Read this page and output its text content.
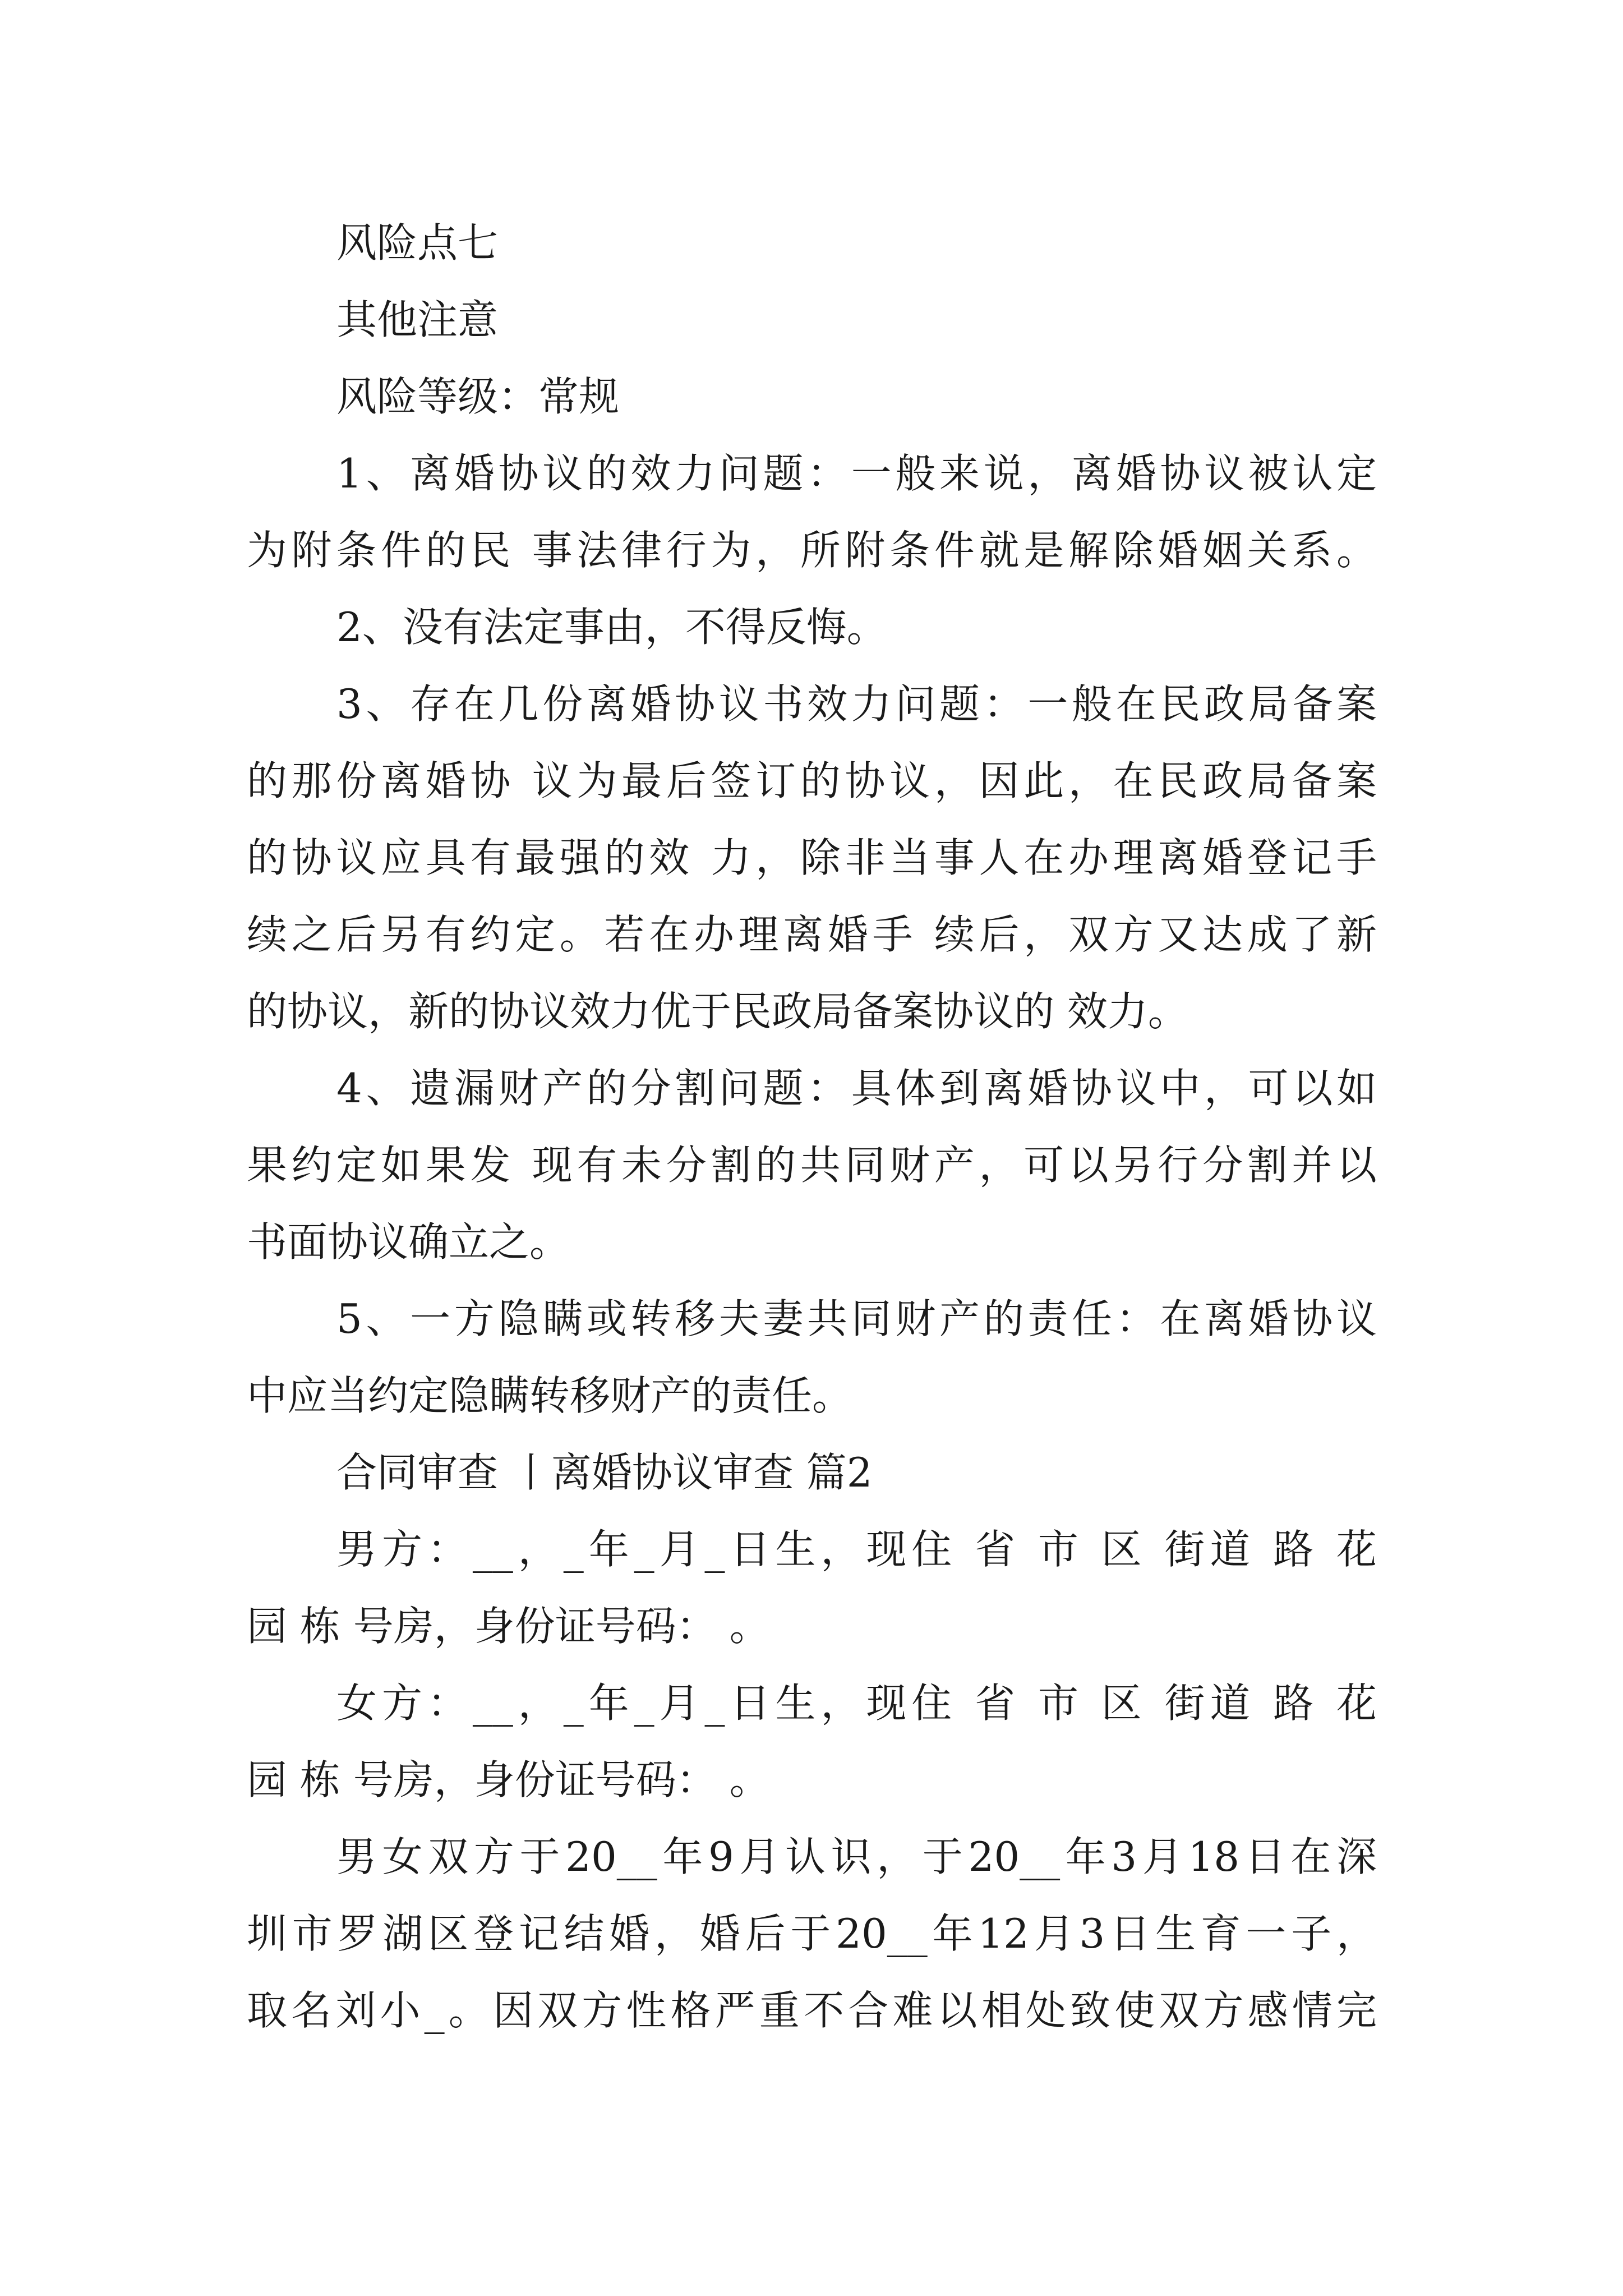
风险点七
其他注意
风险等级：常规
1、离婚协议的效力问题：一般来说，离婚协议被认定
为附条件的民 事法律行为，所附条件就是解除婚姻关系。
2、没有法定事由，不得反悔。
3、存在几份离婚协议书效力问题：一般在民政局备案
的那份离婚协 议为最后签订的协议，因此，在民政局备案
的协议应具有最强的效 力，除非当事人在办理离婚登记手
续之后另有约定。若在办理离婚手 续后，双方又达成了新
的协议，新的协议效力优于民政局备案协议的 效力。
4、遗漏财产的分割问题：具体到离婚协议中，可以如
果约定如果发 现有未分割的共同财产，可以另行分割并以
书面协议确立之。
5、一方隐瞒或转移夫妻共同财产的责任：在离婚协议
中应当约定隐瞒转移财产的责任。
合同审查 丨离婚协议审查 篇2
男方：__，_年_月_日生，现住 省 市 区 街道 路 花
园 栋 号房，身份证号码： 。
女方：__，_年_月_日生，现住 省 市 区 街道 路 花
园 栋 号房，身份证号码： 。
男女双方于20__年9月认识，于20__年3月18日在深
圳市罗湖区登记结婚，婚后于20__年12月3日生育一子，
取名刘小_。因双方性格严重不合难以相处致使双方感情完
